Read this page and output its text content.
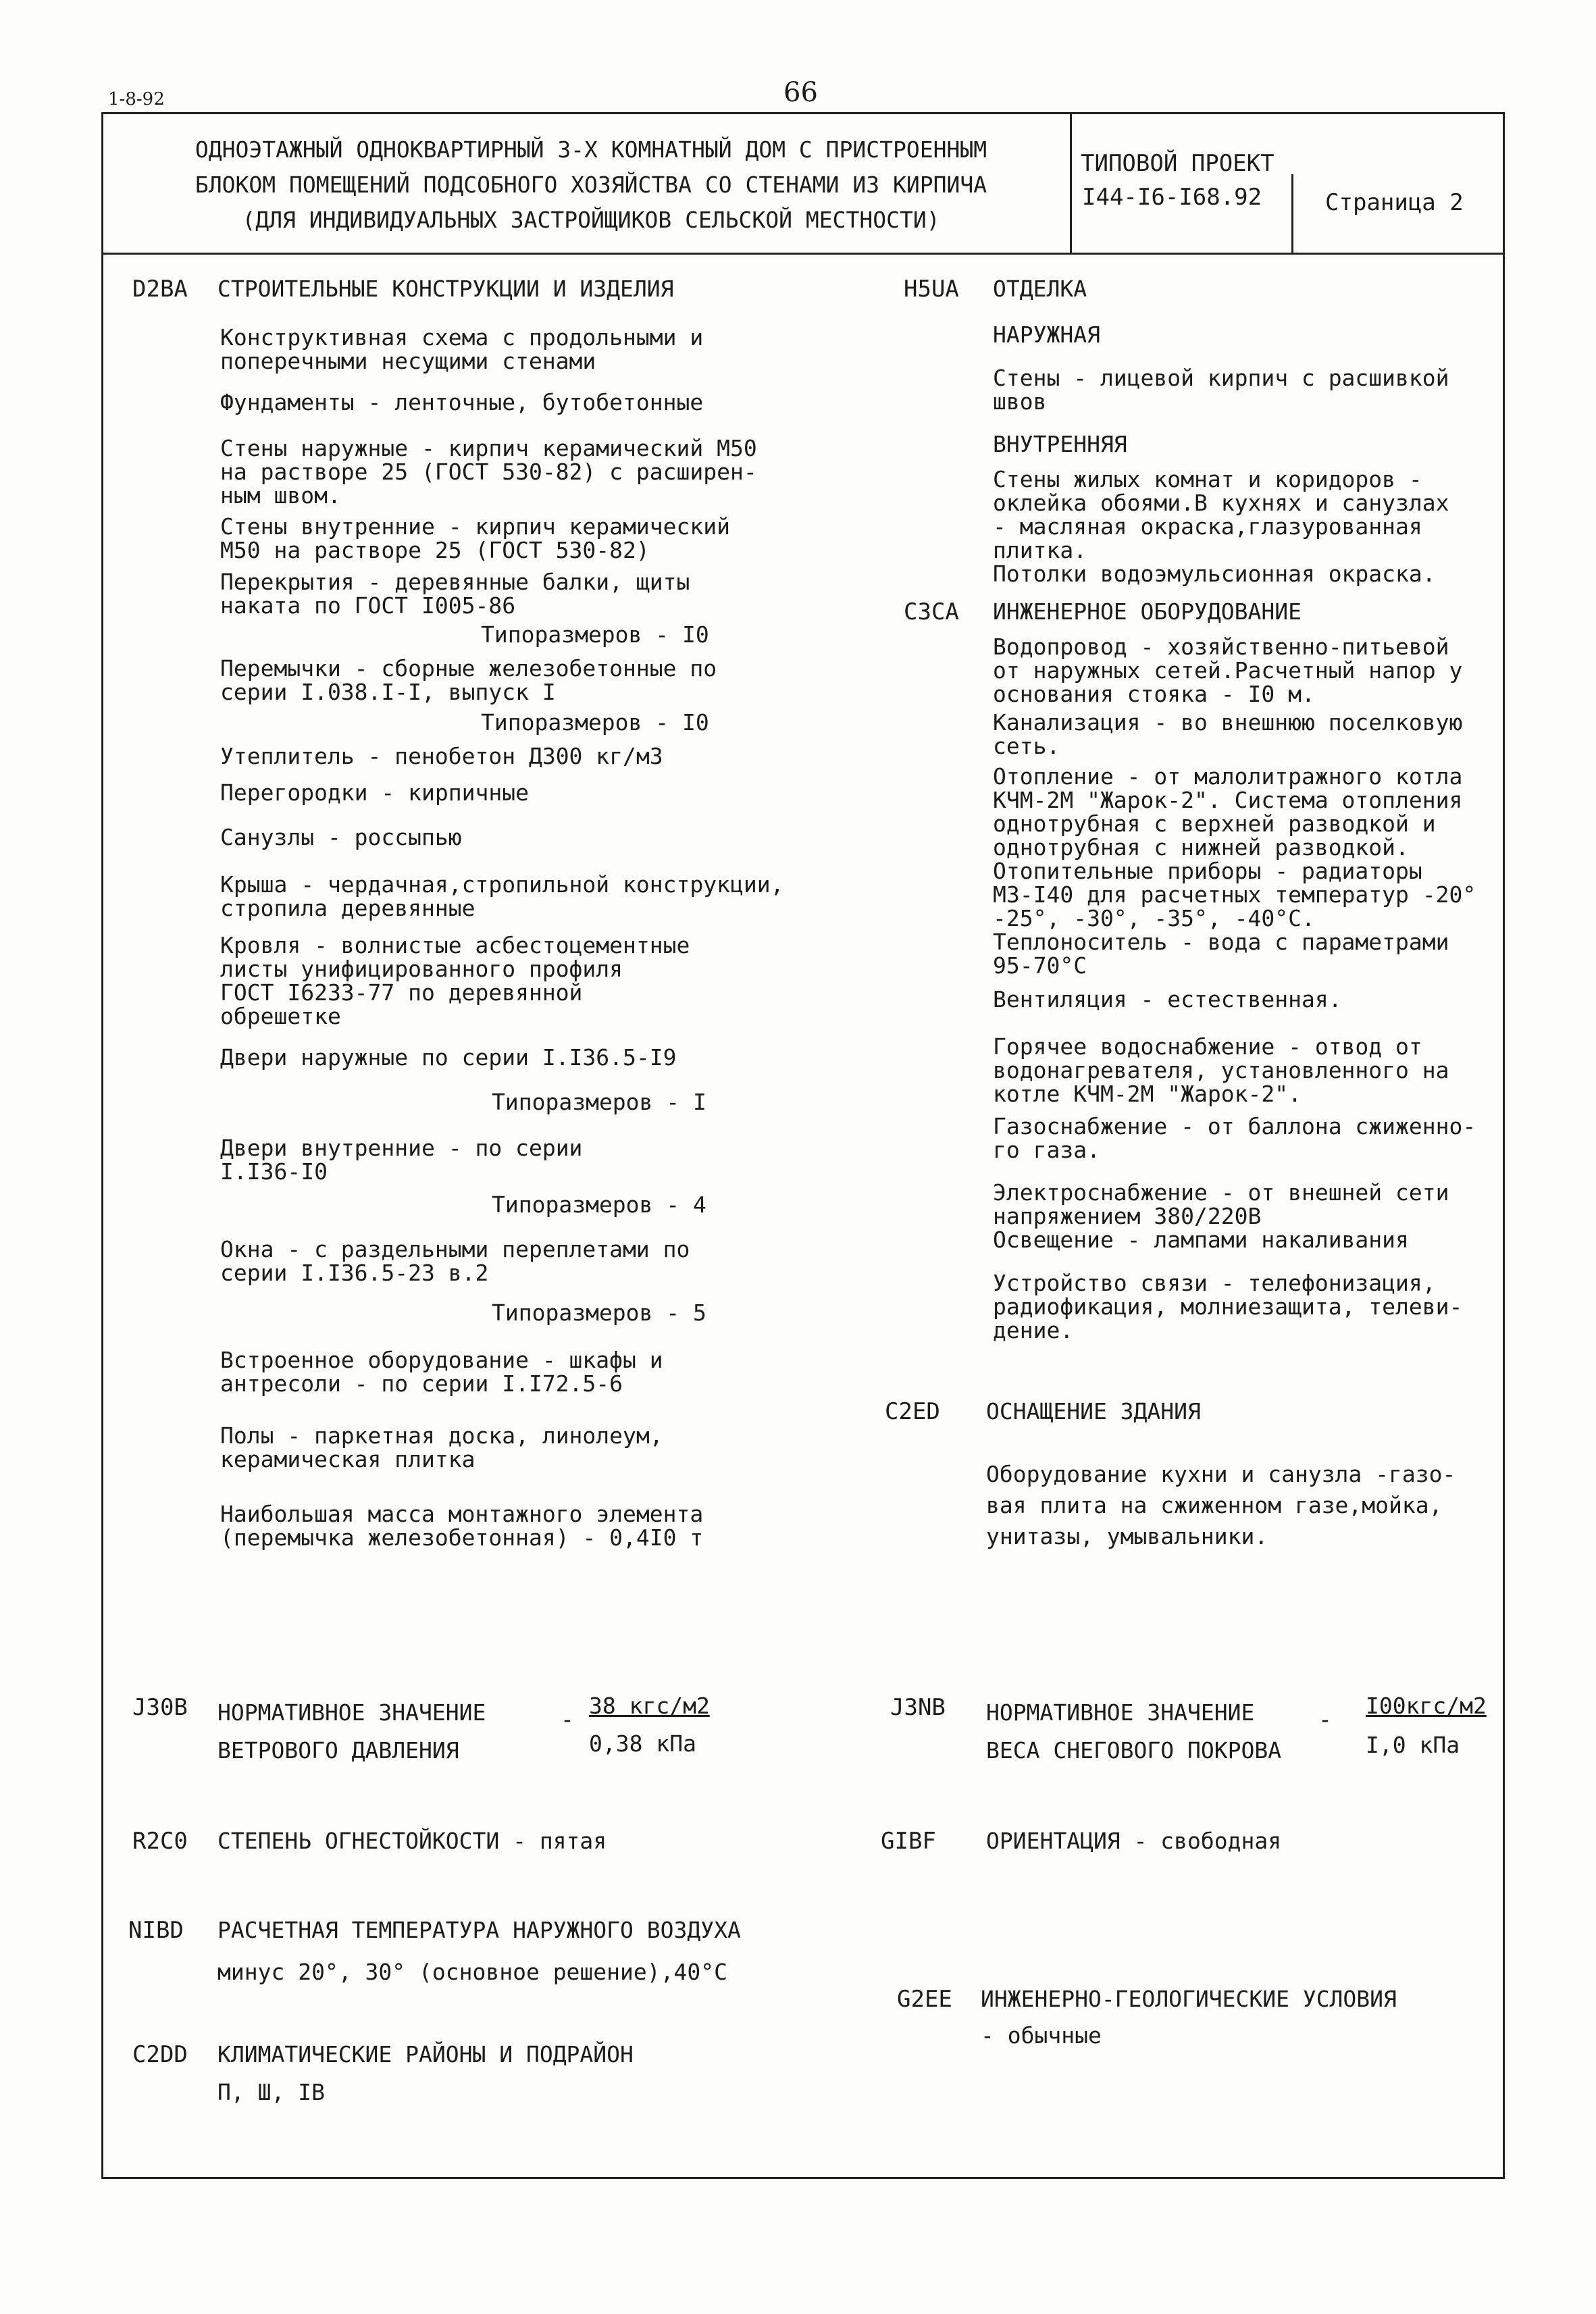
1-8-92	66
ОДНОЭТАЖНЫЙ ОДНОКВАРТИРНЫЙ 3-Х КОМНАТНЫЙ ДОМ С ПРИСТРОЕННЫМ
БЛОКОМ ПОМЕЩЕНИЙ ПОДСОБНОГО ХОЗЯЙСТВА СО СТЕНАМИ ИЗ КИРПИЧА
(ДЛЯ ИНДИВИДУАЛЬНЫХ ЗАСТРОЙЩИКОВ СЕЛЬСКОЙ МЕСТНОСТИ)
ТИПОВОЙ ПРОЕКТ
I44-I6-I68.92	Страница 2
D2BA СТРОИТЕЛЬНЫЕ КОНСТРУКЦИИ И ИЗДЕЛИЯ
Конструктивная схема с продольными и
поперечными несущими стенами
Фундаменты - ленточные, бутобетонные
Стены наружные - кирпич керамический М50
на растворе 25 (ГОСТ 530-82) с расширен-
ным швом.
Стены внутренние - кирпич керамический
М50 на растворе 25 (ГОСТ 530-82)
Перекрытия - деревянные балки, щиты
наката по ГОСТ I005-86
Типоразмеров - I0
Перемычки - сборные железобетонные по
серии I.038.I-I, выпуск I
Типоразмеров - I0
Утеплитель - пенобетон Д300 кг/м3
Перегородки - кирпичные
Санузлы - россыпью
Крыша - чердачная,стропильной конструкции,
стропила деревянные
Кровля - волнистые асбестоцементные
листы унифицированного профиля
ГОСТ I6233-77 по деревянной
обрешетке
Двери наружные по серии I.I36.5-I9
Типоразмеров - I
Двери внутренние - по серии
I.I36-I0
Типоразмеров - 4
Окна - с раздельными переплетами по
серии I.I36.5-23 в.2
Типоразмеров - 5
Встроенное оборудование - шкафы и
антресоли - по серии I.I72.5-6
Полы - паркетная доска, линолеум,
керамическая плитка
Наибольшая масса монтажного элемента
(перемычка железобетонная) - 0,4I0 т
H5UA ОТДЕЛКА
НАРУЖНАЯ
Стены - лицевой кирпич с расшивкой
швов
ВНУТРЕННЯЯ
Стены жилых комнат и коридоров -
оклейка обоями.В кухнях и санузлах
- масляная окраска,глазурованная
плитка.
Потолки водоэмульсионная окраска.
C3CA ИНЖЕНЕРНОЕ ОБОРУДОВАНИЕ
Водопровод - хозяйственно-питьевой
от наружных сетей.Расчетный напор у
основания стояка - I0 м.
Канализация - во внешнюю поселковую
сеть.
Отопление - от малолитражного котла
КЧМ-2М "Жарок-2". Система отопления
однотрубная с верхней разводкой и
однотрубная с нижней разводкой.
Отопительные приборы - радиаторы
М3-I40 для расчетных температур -20°
-25°, -30°, -35°, -40°С.
Теплоноситель - вода с параметрами
95-70°С
Вентиляция - естественная.
Горячее водоснабжение - отвод от
водонагревателя, установленного на
котле КЧМ-2М "Жарок-2".
Газоснабжение - от баллона сжиженно-
го газа.
Электроснабжение - от внешней сети
напряжением 380/220В
Освещение - лампами накаливания
Устройство связи - телефонизация,
радиофикация, молниезащита, телеви-
дение.
C2ED ОСНАЩЕНИЕ ЗДАНИЯ
Оборудование кухни и санузла -газо-
вая плита на сжиженном газе,мойка,
унитазы, умывальники.
J30B НОРМАТИВНОЕ ЗНАЧЕНИЕ
ВЕТРОВОГО ДАВЛЕНИЯ
-
38 кгс/м2
0,38 кПа
J3NB НОРМАТИВНОЕ ЗНАЧЕНИЕ
ВЕСА СНЕГОВОГО ПОКРОВА
-
I00кгс/м2
I,0 кПа
R2C0 СТЕПЕНЬ ОГНЕСТОЙКОСТИ - пятая	GIBF ОРИЕНТАЦИЯ - свободная
NIBD РАСЧЕТНАЯ ТЕМПЕРАТУРА НАРУЖНОГО ВОЗДУХА
минус 20°, 30° (основное решение),40°С
G2EE ИНЖЕНЕРНО-ГЕОЛОГИЧЕСКИЕ УСЛОВИЯ
- обычные
C2DD КЛИМАТИЧЕСКИЕ РАЙОНЫ И ПОДРАЙОН
П, Ш, IВ
